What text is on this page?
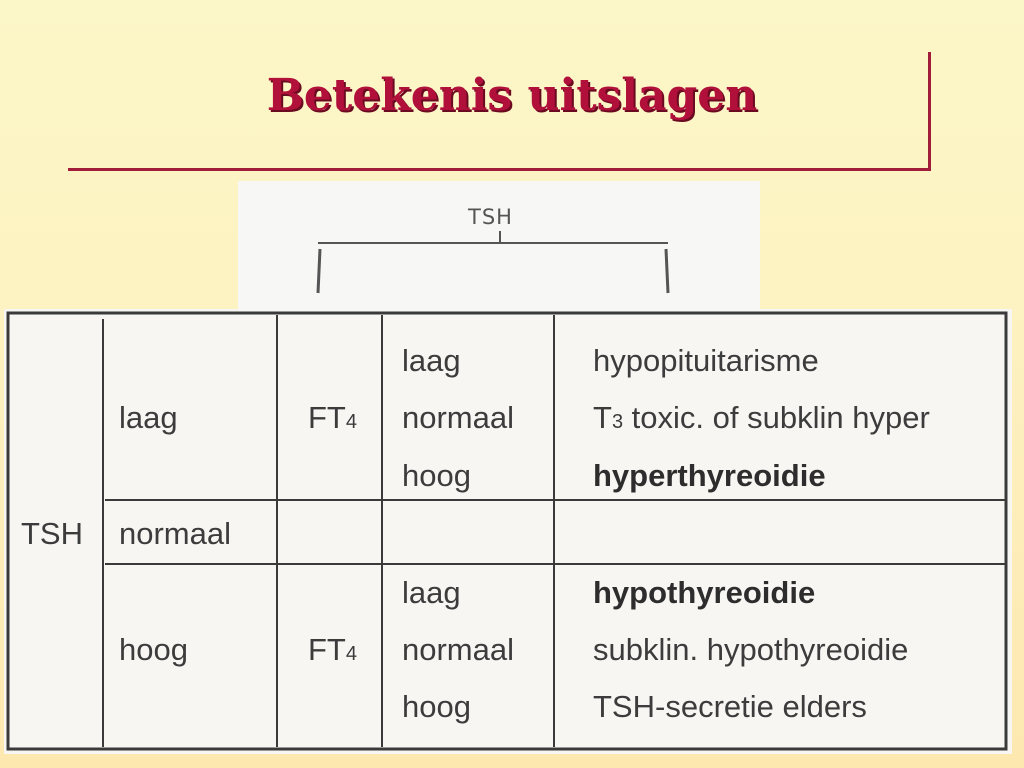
Betekenis uitslagen
TSH
TSH
laag	FT4
laag
normaal
hoog
hypopituitarisme
T3 toxic. of subklin hyper
hyperthyreoidie
normaal
hoog	FT4
laag
normaal
hoog
hypothyreoidie
subklin. hypothyreoidie
TSH-secretie elders
